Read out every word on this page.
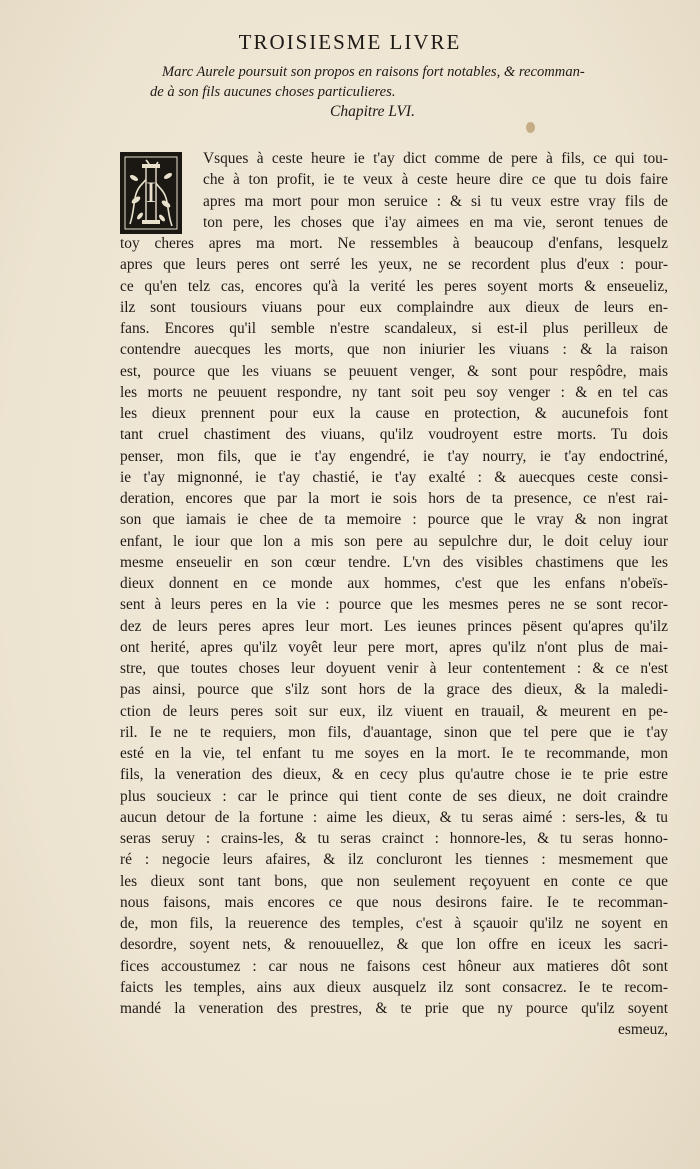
TROISIESME LIVRE
Marc Aurele poursuit son propos en raisons fort notables, & recomman-
de à son fils aucunes choses particulieres.
Chapitre LVI.
I
Vsques à ceste heure ie t'ay dict comme de pere à fils, ce qui tou-
che à ton profit, ie te veux à ceste heure dire ce que tu dois faire
apres ma mort pour mon seruice : & si tu veux estre vray fils de
ton pere, les choses que i'ay aimees en ma vie, seront tenues de
toy cheres apres ma mort. Ne ressembles à beaucoup d'enfans, lesquelz
apres que leurs peres ont serré les yeux, ne se recordent plus d'eux : pour-
ce qu'en telz cas, encores qu'à la verité les peres soyent morts & enseueliz,
ilz sont tousiours viuans pour eux complaindre aux dieux de leurs en-
fans. Encores qu'il semble n'estre scandaleux, si est-il plus perilleux de
contendre auecques les morts, que non iniurier les viuans : & la raison
est, pource que les viuans se peuuent venger, & sont pour respôdre, mais
les morts ne peuuent respondre, ny tant soit peu soy venger : & en tel cas
les dieux prennent pour eux la cause en protection, & aucunefois font
tant cruel chastiment des viuans, qu'ilz voudroyent estre morts. Tu dois
penser, mon fils, que ie t'ay engendré, ie t'ay nourry, ie t'ay endoctriné,
ie t'ay mignonné, ie t'ay chastié, ie t'ay exalté : & auecques ceste consi-
deration, encores que par la mort ie sois hors de ta presence, ce n'est rai-
son que iamais ie chee de ta memoire : pource que le vray & non ingrat
enfant, le iour que lon a mis son pere au sepulchre dur, le doit celuy iour
mesme enseuelir en son cœur tendre. L'vn des visibles chastimens que les
dieux donnent en ce monde aux hommes, c'est que les enfans n'obeïs-
sent à leurs peres en la vie : pource que les mesmes peres ne se sont recor-
dez de leurs peres apres leur mort. Les ieunes princes pësent qu'apres qu'ilz
ont herité, apres qu'ilz voyêt leur pere mort, apres qu'ilz n'ont plus de mai-
stre, que toutes choses leur doyuent venir à leur contentement : & ce n'est
pas ainsi, pource que s'ilz sont hors de la grace des dieux, & la maledi-
ction de leurs peres soit sur eux, ilz viuent en trauail, & meurent en pe-
ril. Ie ne te requiers, mon fils, d'auantage, sinon que tel pere que ie t'ay
esté en la vie, tel enfant tu me soyes en la mort. Ie te recommande, mon
fils, la veneration des dieux, & en cecy plus qu'autre chose ie te prie estre
plus soucieux : car le prince qui tient conte de ses dieux, ne doit craindre
aucun detour de la fortune : aime les dieux, & tu seras aimé : sers-les, & tu
seras seruy : crains-les, & tu seras crainct : honnore-les, & tu seras honno-
ré : negocie leurs afaires, & ilz concluront les tiennes : mesmement que
les dieux sont tant bons, que non seulement reçoyuent en conte ce que
nous faisons, mais encores ce que nous desirons faire. Ie te recomman-
de, mon fils, la reuerence des temples, c'est à sçauoir qu'ilz ne soyent en
desordre, soyent nets, & renouuellez, & que lon offre en iceux les sacri-
fices accoustumez : car nous ne faisons cest hôneur aux matieres dôt sont
faicts les temples, ains aux dieux ausquelz ilz sont consacrez. Ie te recom-
mandé la veneration des prestres, & te prie que ny pource qu'ilz soyent
esmeuz,
